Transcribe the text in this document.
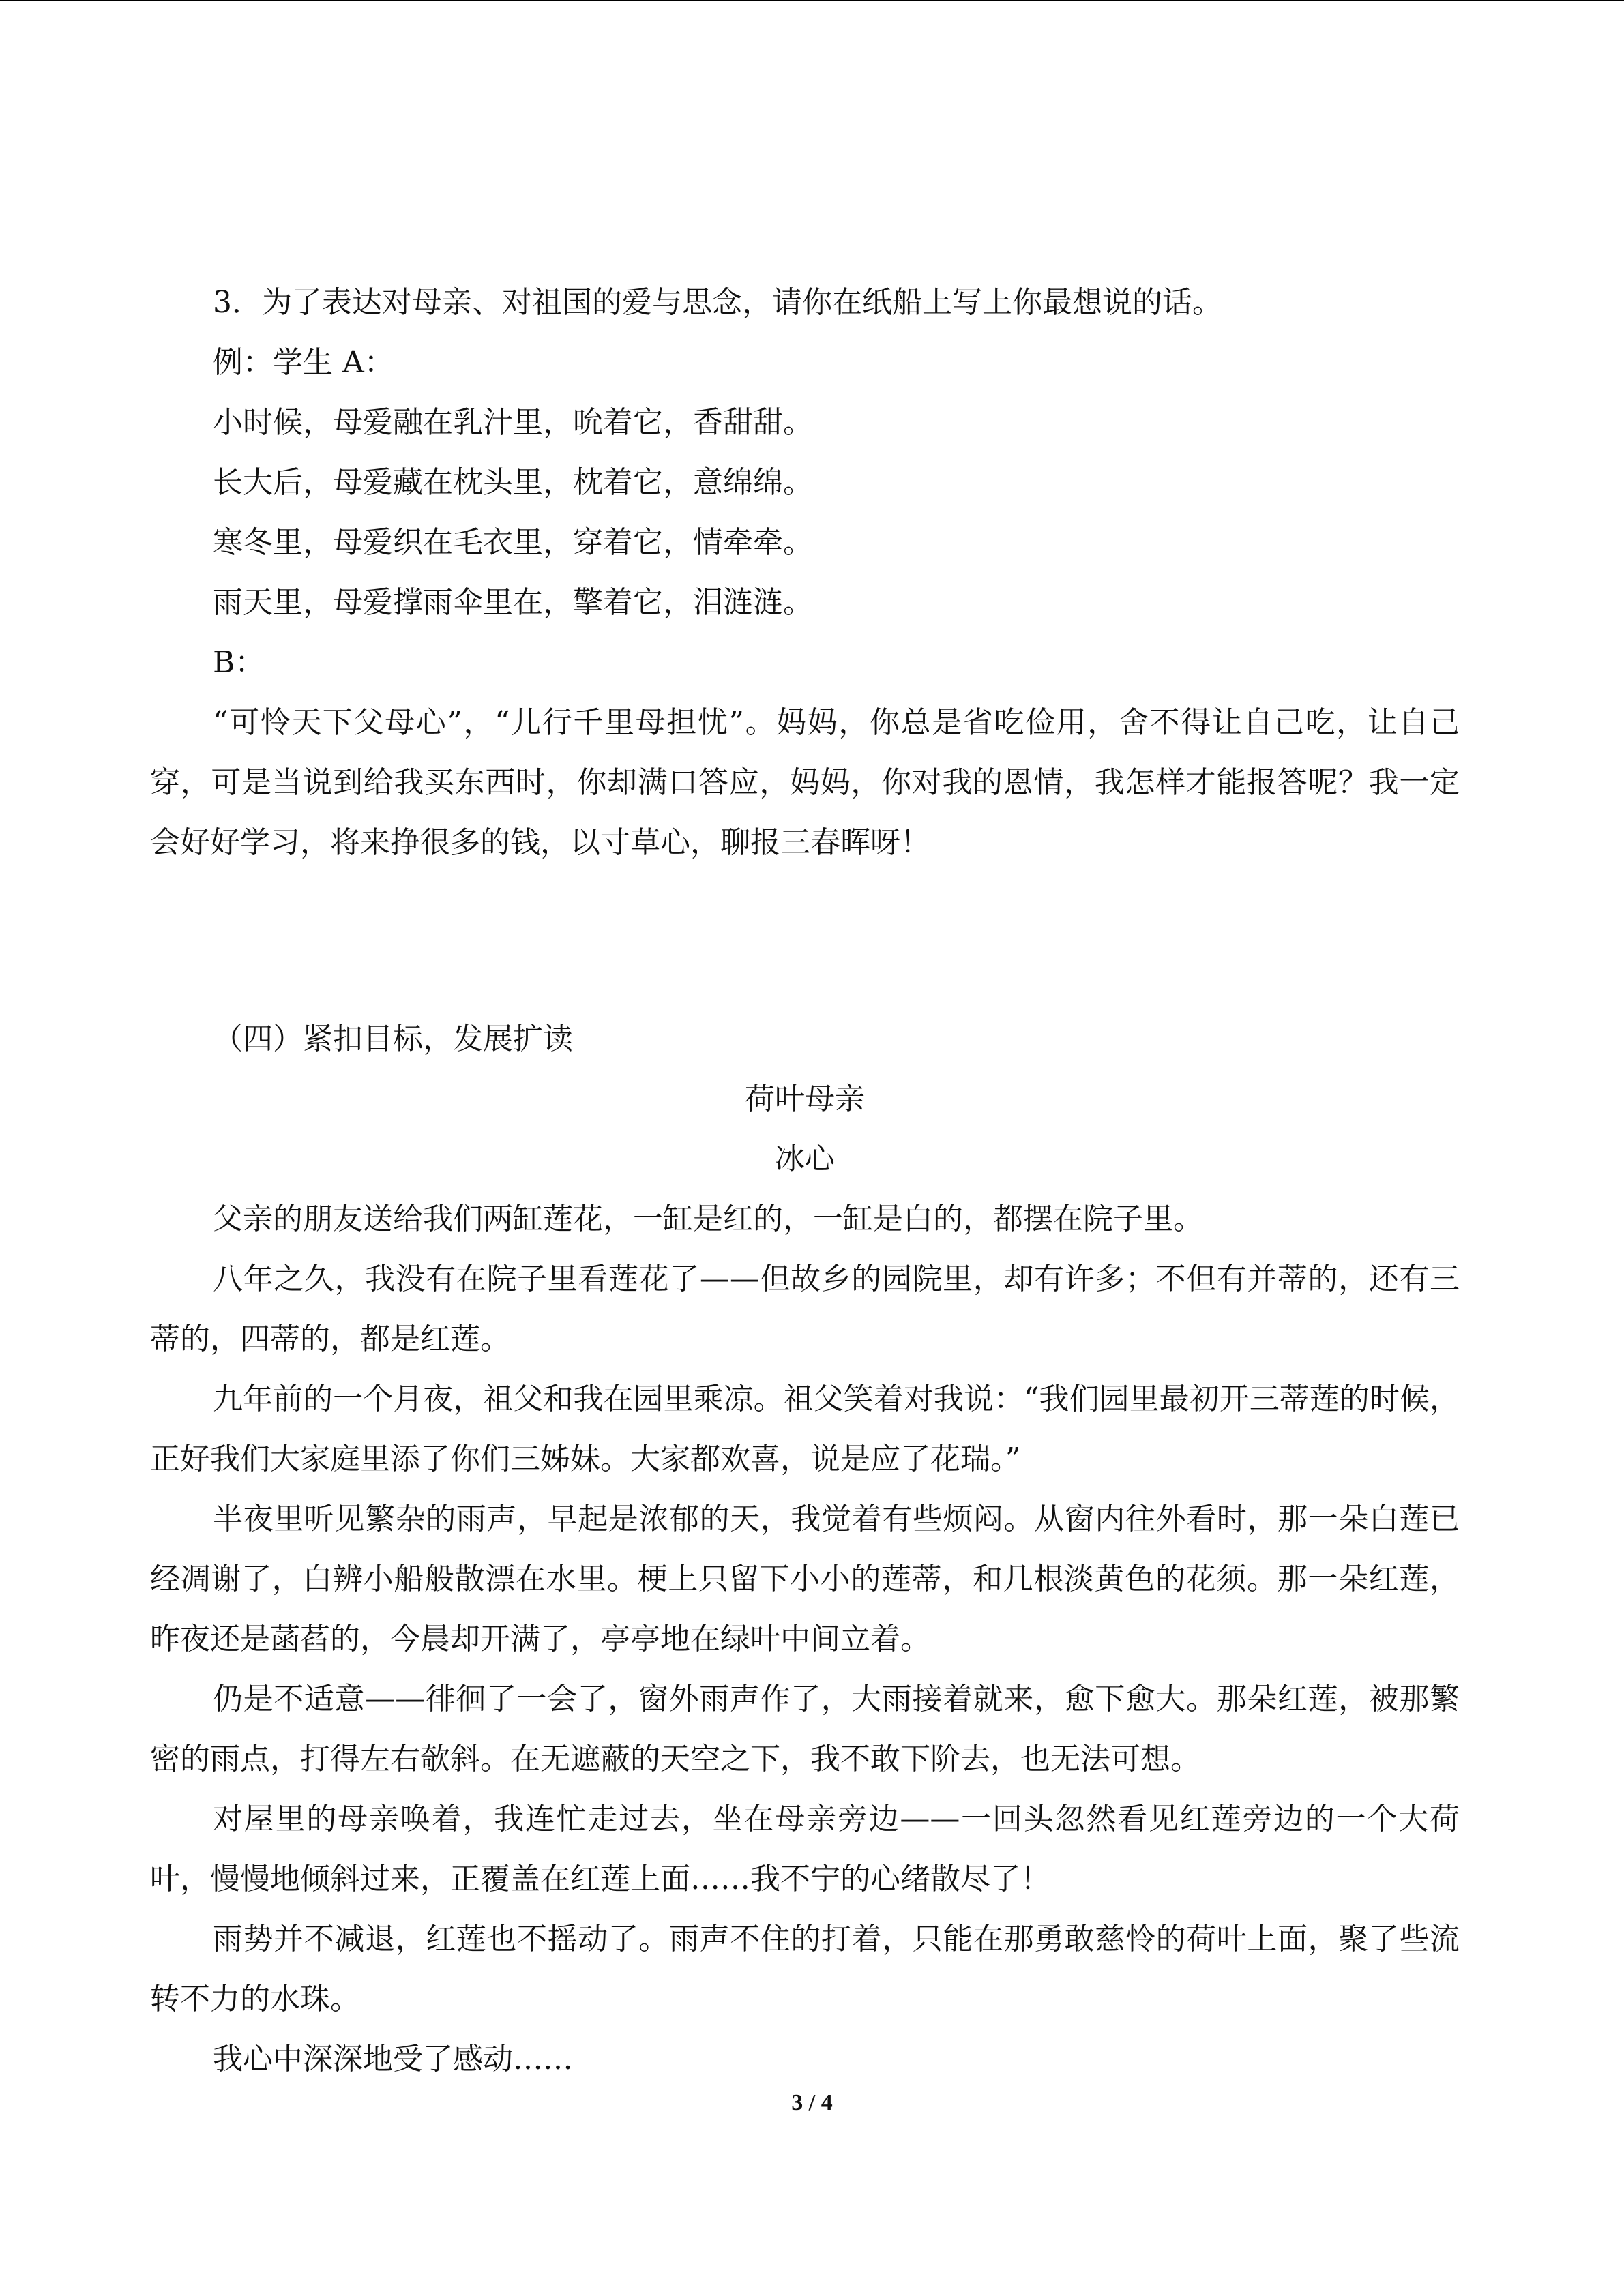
3．为了表达对母亲、对祖国的爱与思念，请你在纸船上写上你最想说的话。
例：学生 A：
小时候，母爱融在乳汁里，吮着它，香甜甜。
长大后，母爱藏在枕头里，枕着它，意绵绵。
寒冬里，母爱织在毛衣里，穿着它，情牵牵。
雨天里，母爱撑雨伞里在，擎着它，泪涟涟。
B：
“可怜天下父母心”，“儿行千里母担忧”。妈妈，你总是省吃俭用，舍不得让自己吃，让自己穿，可是当说到给我买东西时，你却满口答应，妈妈，你对我的恩情，我怎样才能报答呢？我一定会好好学习，将来挣很多的钱，以寸草心，聊报三春晖呀！
（四）紧扣目标，发展扩读
荷叶母亲
冰心
父亲的朋友送给我们两缸莲花，一缸是红的，一缸是白的，都摆在院子里。
八年之久，我没有在院子里看莲花了——但故乡的园院里，却有许多；不但有并蒂的，还有三蒂的，四蒂的，都是红莲。
九年前的一个月夜，祖父和我在园里乘凉。祖父笑着对我说：“我们园里最初开三蒂莲的时候，正好我们大家庭里添了你们三姊妹。大家都欢喜，说是应了花瑞。”
半夜里听见繁杂的雨声，早起是浓郁的天，我觉着有些烦闷。从窗内往外看时，那一朵白莲已经凋谢了，白辨小船般散漂在水里。梗上只留下小小的莲蒂，和几根淡黄色的花须。那一朵红莲，昨夜还是菡萏的，今晨却开满了，亭亭地在绿叶中间立着。
仍是不适意——徘徊了一会了，窗外雨声作了，大雨接着就来，愈下愈大。那朵红莲，被那繁密的雨点，打得左右欹斜。在无遮蔽的天空之下，我不敢下阶去，也无法可想。
对屋里的母亲唤着，我连忙走过去，坐在母亲旁边——一回头忽然看见红莲旁边的一个大荷叶，慢慢地倾斜过来，正覆盖在红莲上面……我不宁的心绪散尽了！
雨势并不减退，红莲也不摇动了。雨声不住的打着，只能在那勇敢慈怜的荷叶上面，聚了些流转不力的水珠。
我心中深深地受了感动……
3 / 4
